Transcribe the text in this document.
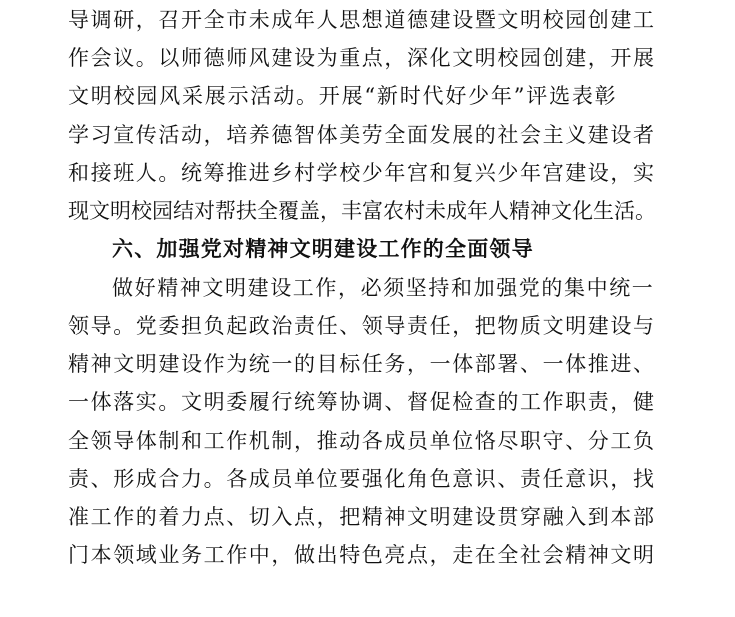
导调研，召开全市未成年人思想道德建设暨文明校园创建工
作会议。以师德师风建设为重点，深化文明校园创建，开展
文明校园风采展示活动。开展“新时代好少年”评选表彰
学习宣传活动，培养德智体美劳全面发展的社会主义建设者
和接班人。统筹推进乡村学校少年宫和复兴少年宫建设，实
现文明校园结对帮扶全覆盖，丰富农村未成年人精神文化生活。
六、加强党对精神文明建设工作的全面领导
做好精神文明建设工作，必须坚持和加强党的集中统一
领导。党委担负起政治责任、领导责任，把物质文明建设与
精神文明建设作为统一的目标任务，一体部署、一体推进、
一体落实。文明委履行统筹协调、督促检查的工作职责，健
全领导体制和工作机制，推动各成员单位恪尽职守、分工负
责、形成合力。各成员单位要强化角色意识、责任意识，找
准工作的着力点、切入点，把精神文明建设贯穿融入到本部
门本领域业务工作中，做出特色亮点，走在全社会精神文明
